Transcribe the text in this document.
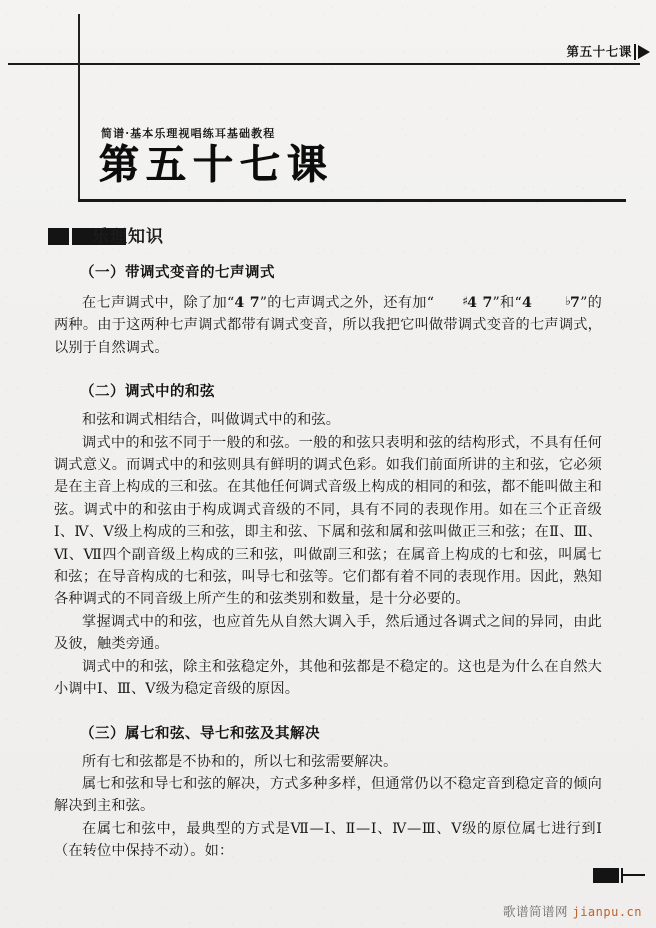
第五十七课
简谱·基本乐理视唱练耳基础教程
第五十七课
乐理知识
（一）带调式变音的七声调式

在七声调式中，除了加“4 7”的七声调式之外，还有加“ ♯4 7”和“4 ♭7”的两种。由于这两种七声调式都带有调式变音，所以我把它叫做带调式变音的七声调式，以别于自然调式。

（二）调式中的和弦

和弦和调式相结合，叫做调式中的和弦。

调式中的和弦不同于一般的和弦。一般的和弦只表明和弦的结构形式，不具有任何调式意义。而调式中的和弦则具有鲜明的调式色彩。如我们前面所讲的主和弦，它必须是在主音上构成的三和弦。在其他任何调式音级上构成的相同的和弦，都不能叫做主和弦。调式中的和弦由于构成调式音级的不同，具有不同的表现作用。如在三个正音级Ⅰ、Ⅳ、Ⅴ级上构成的三和弦，即主和弦、下属和弦和属和弦叫做正三和弦；在Ⅱ、Ⅲ、Ⅵ、Ⅶ四个副音级上构成的三和弦，叫做副三和弦；在属音上构成的七和弦，叫属七和弦；在导音构成的七和弦，叫导七和弦等。它们都有着不同的表现作用。因此，熟知各种调式的不同音级上所产生的和弦类别和数量，是十分必要的。

掌握调式中的和弦，也应首先从自然大调入手，然后通过各调式之间的异同，由此及彼，触类旁通。

调式中的和弦，除主和弦稳定外，其他和弦都是不稳定的。这也是为什么在自然大小调中Ⅰ、Ⅲ、Ⅴ级为稳定音级的原因。

（三）属七和弦、导七和弦及其解决

所有七和弦都是不协和的，所以七和弦需要解决。

属七和弦和导七和弦的解决，方式多种多样，但通常仍以不稳定音到稳定音的倾向解决到主和弦。

在属七和弦中，最典型的方式是Ⅶ—Ⅰ、Ⅱ—Ⅰ、Ⅳ—Ⅲ、Ⅴ级的原位属七进行到Ⅰ（在转位中保持不动）。如：

歌谱简谱网 jianpu.cn
